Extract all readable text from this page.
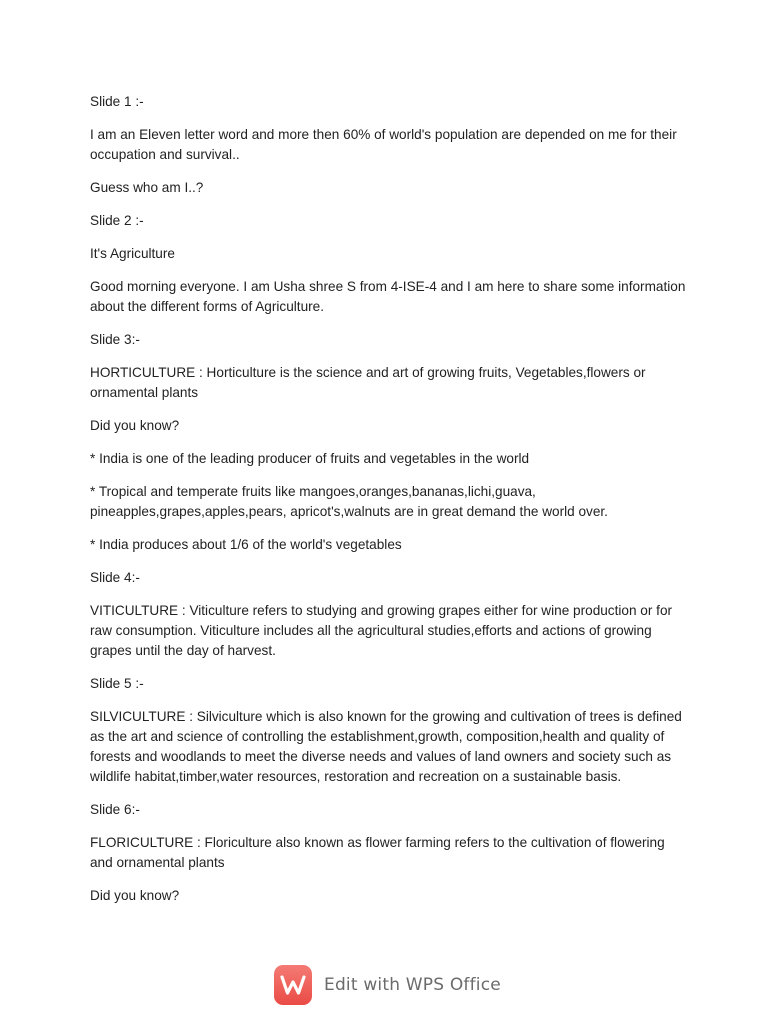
Slide 1 :-

I am an Eleven letter word and more then 60% of world's population are depended on me for their occupation and survival..

Guess who am I..?

Slide 2 :-

It's Agriculture

Good morning everyone. I am Usha shree S from 4-ISE-4 and I am here to share some information about the different forms of Agriculture.

Slide 3:-

HORTICULTURE : Horticulture is the science and art of growing fruits, Vegetables,flowers or ornamental plants

Did you know?

* India is one of the leading producer of fruits and vegetables in the world

* Tropical and temperate fruits like mangoes,oranges,bananas,lichi,guava, pineapples,grapes,apples,pears, apricot's,walnuts are in great demand the world over.

* India produces about 1/6 of the world's vegetables

Slide 4:-

VITICULTURE : Viticulture refers to studying and growing grapes either for wine production or for raw consumption. Viticulture includes all the agricultural studies,efforts and actions of growing grapes until the day of harvest.

Slide 5 :-

SILVICULTURE : Silviculture which is also known for the growing and cultivation of trees is defined as the art and science of controlling the establishment,growth, composition,health and quality of forests and woodlands to meet the diverse needs and values of land owners and society such as wildlife habitat,timber,water resources, restoration and recreation on a sustainable basis.

Slide 6:-

FLORICULTURE : Floriculture also known as flower farming refers to the cultivation of flowering and ornamental plants

Did you know?

Edit with WPS Office
